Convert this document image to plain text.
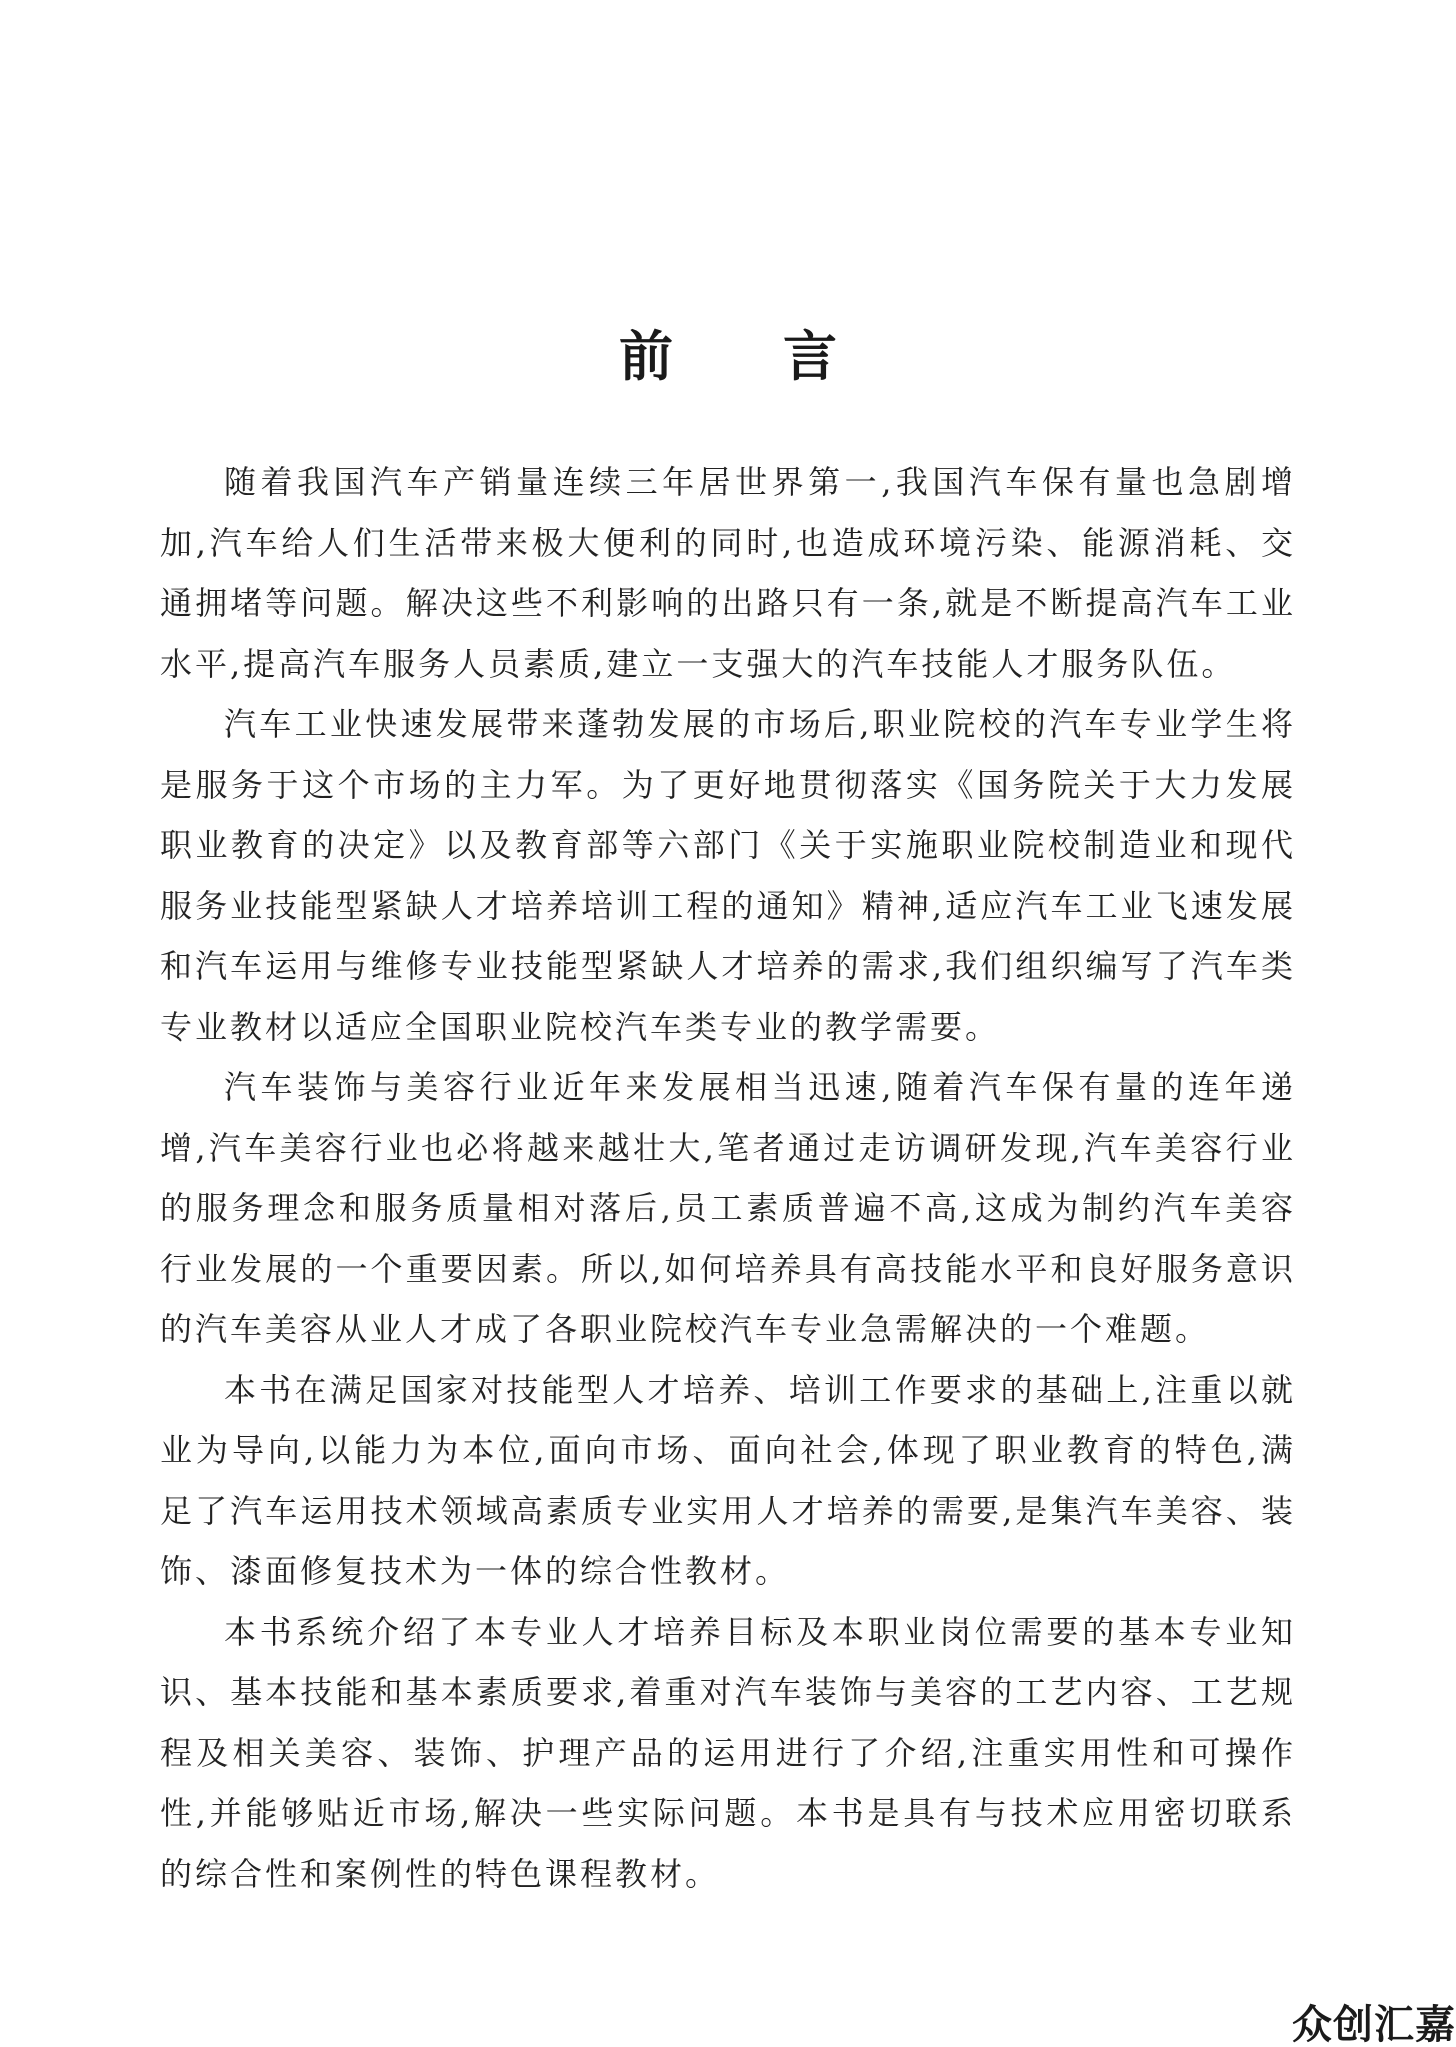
前 言

随着我国汽车产销量连续三年居世界第一,我国汽车保有量也急剧增加,汽车给人们生活带来极大便利的同时,也造成环境污染、能源消耗、交通拥堵等问题。解决这些不利影响的出路只有一条,就是不断提高汽车工业水平,提高汽车服务人员素质,建立一支强大的汽车技能人才服务队伍。

汽车工业快速发展带来蓬勃发展的市场后,职业院校的汽车专业学生将是服务于这个市场的主力军。为了更好地贯彻落实《国务院关于大力发展职业教育的决定》以及教育部等六部门《关于实施职业院校制造业和现代服务业技能型紧缺人才培养培训工程的通知》精神,适应汽车工业飞速发展和汽车运用与维修专业技能型紧缺人才培养的需求,我们组织编写了汽车类专业教材以适应全国职业院校汽车类专业的教学需要。

汽车装饰与美容行业近年来发展相当迅速,随着汽车保有量的连年递增,汽车美容行业也必将越来越壮大,笔者通过走访调研发现,汽车美容行业的服务理念和服务质量相对落后,员工素质普遍不高,这成为制约汽车美容行业发展的一个重要因素。所以,如何培养具有高技能水平和良好服务意识的汽车美容从业人才成了各职业院校汽车专业急需解决的一个难题。

本书在满足国家对技能型人才培养、培训工作要求的基础上,注重以就业为导向,以能力为本位,面向市场、面向社会,体现了职业教育的特色,满足了汽车运用技术领域高素质专业实用人才培养的需要,是集汽车美容、装饰、漆面修复技术为一体的综合性教材。

本书系统介绍了本专业人才培养目标及本职业岗位需要的基本专业知识、基本技能和基本素质要求,着重对汽车装饰与美容的工艺内容、工艺规程及相关美容、装饰、护理产品的运用进行了介绍,注重实用性和可操作性,并能够贴近市场,解决一些实际问题。本书是具有与技术应用密切联系的综合性和案例性的特色课程教材。

众创汇嘉
